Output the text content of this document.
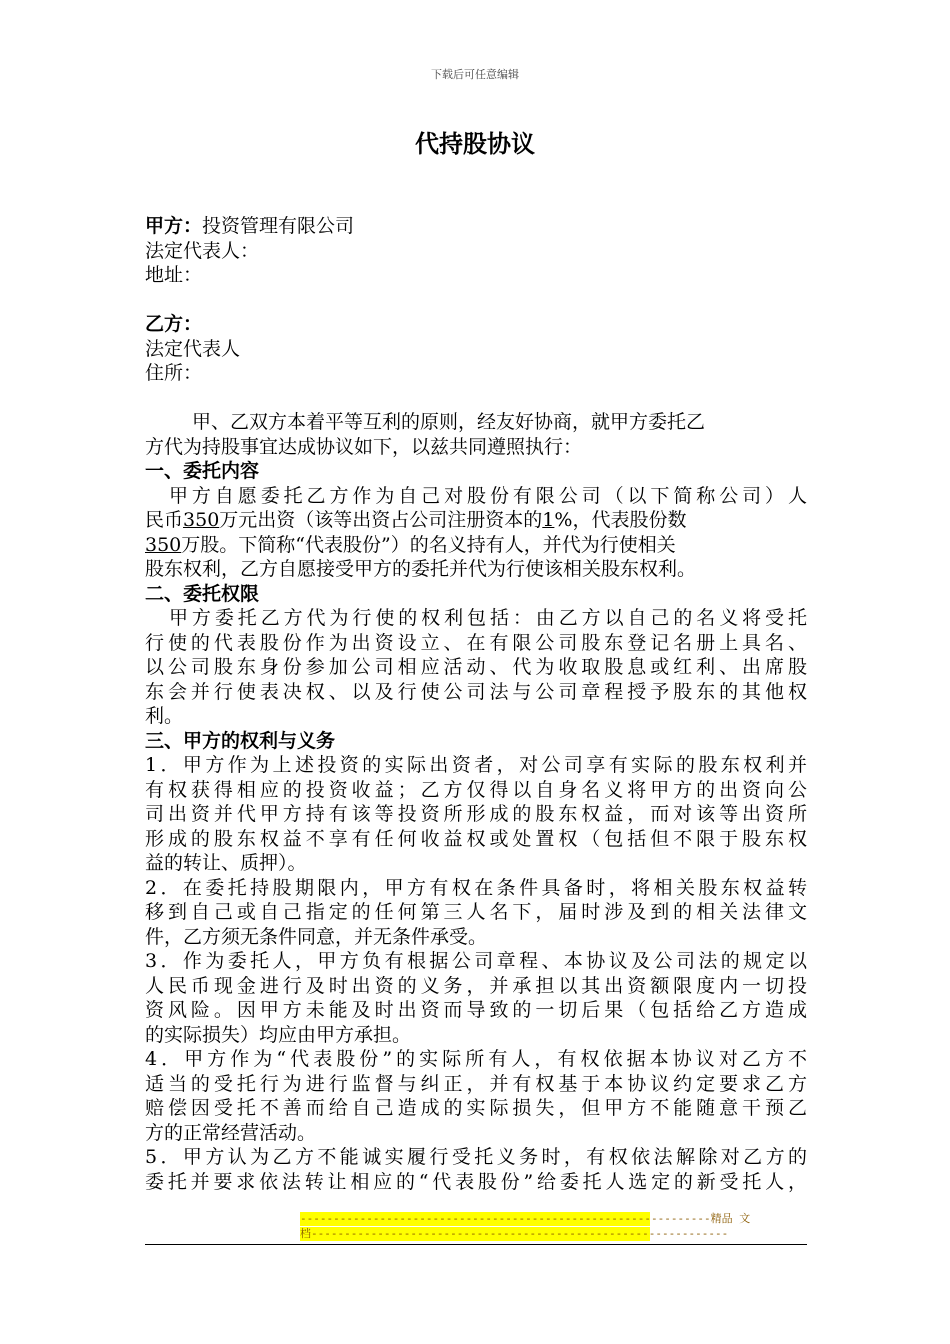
下载后可任意编辑
代持股协议
甲方：投资管理有限公司
法定代表人：
地址：
乙方：
法定代表人
住所：
甲、乙双方本着平等互利的原则，经友好协商，就甲方委托乙
方代为持股事宜达成协议如下，以兹共同遵照执行：
一、委托内容
甲方自愿委托乙方作为自己对股份有限公司（以下简称公司）人
民币350万元出资（该等出资占公司注册资本的1%，代表股份数
350万股。下简称“代表股份”）的名义持有人，并代为行使相关
股东权利，乙方自愿接受甲方的委托并代为行使该相关股东权利。
二、委托权限
甲方委托乙方代为行使的权利包括：由乙方以自己的名义将受托
行使的代表股份作为出资设立、在有限公司股东登记名册上具名、
以公司股东身份参加公司相应活动、代为收取股息或红利、出席股
东会并行使表决权、以及行使公司法与公司章程授予股东的其他权
利。
三、甲方的权利与义务
1．甲方作为上述投资的实际出资者，对公司享有实际的股东权利并
有权获得相应的投资收益；乙方仅得以自身名义将甲方的出资向公
司出资并代甲方持有该等投资所形成的股东权益，而对该等出资所
形成的股东权益不享有任何收益权或处置权（包括但不限于股东权
益的转让、质押）。
2．在委托持股期限内，甲方有权在条件具备时，将相关股东权益转
移到自己或自己指定的任何第三人名下，届时涉及到的相关法律文
件，乙方须无条件同意，并无条件承受。
3．作为委托人，甲方负有根据公司章程、本协议及公司法的规定以
人民币现金进行及时出资的义务，并承担以其出资额限度内一切投
资风险。因甲方未能及时出资而导致的一切后果（包括给乙方造成
的实际损失）均应由甲方承担。
4．甲方作为“代表股份”的实际所有人，有权依据本协议对乙方不
适当的受托行为进行监督与纠正，并有权基于本协议约定要求乙方
赔偿因受托不善而给自己造成的实际损失，但甲方不能随意干预乙
方的正常经营活动。
5．甲方认为乙方不能诚实履行受托义务时，有权依法解除对乙方的
委托并要求依法转让相应的“代表股份”给委托人选定的新受托人，
--------------------------------------------------------------精品 文
档---------------------------------------------------------------
